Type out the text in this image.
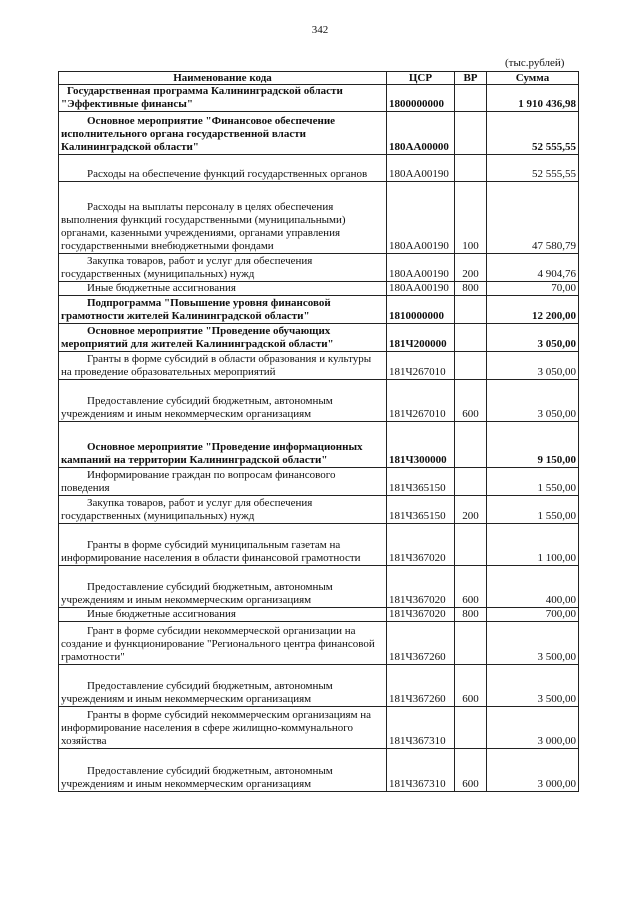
342
(тыс.рублей)
Наименование кода	ЦСР	ВР	Сумма
Государственная программа Калининградской области "Эффективные финансы"	1800000000		1 910 436,98
Основное мероприятие "Финансовое обеспечение исполнительного органа государственной власти Калининградской области"	180АА00000		52 555,55
Расходы на обеспечение функций государственных органов	180АА00190		52 555,55
Расходы на выплаты персоналу в целях обеспечения выполнения функций государственными (муниципальными) органами, казенными учреждениями, органами управления государственными внебюджетными фондами	180АА00190	100	47 580,79
Закупка товаров, работ и услуг для обеспечения государственных (муниципальных) нужд	180АА00190	200	4 904,76
Иные бюджетные ассигнования	180АА00190	800	70,00
Подпрограмма "Повышение уровня финансовой грамотности жителей Калининградской области"	1810000000		12 200,00
Основное мероприятие "Проведение обучающих мероприятий для жителей Калининградской области"	181Ч200000		3 050,00
Гранты в форме субсидий в области образования и культуры на проведение образовательных мероприятий	181Ч267010		3 050,00
Предоставление субсидий бюджетным, автономным учреждениям и иным некоммерческим организациям	181Ч267010	600	3 050,00
Основное мероприятие "Проведение информационных кампаний на территории Калининградской области"	181Ч300000		9 150,00
Информирование граждан по вопросам финансового поведения	181Ч365150		1 550,00
Закупка товаров, работ и услуг для обеспечения государственных (муниципальных) нужд	181Ч365150	200	1 550,00
Гранты в форме субсидий муниципальным газетам на информирование населения в области финансовой грамотности	181Ч367020		1 100,00
Предоставление субсидий бюджетным, автономным учреждениям и иным некоммерческим организациям	181Ч367020	600	400,00
Иные бюджетные ассигнования	181Ч367020	800	700,00
Грант в форме субсидии некоммерческой организации на создание и функционирование "Регионального центра финансовой грамотности"	181Ч367260		3 500,00
Предоставление субсидий бюджетным, автономным учреждениям и иным некоммерческим организациям	181Ч367260	600	3 500,00
Гранты в форме субсидий некоммерческим организациям на информирование населения в сфере жилищно-коммунального хозяйства	181Ч367310		3 000,00
Предоставление субсидий бюджетным, автономным учреждениям и иным некоммерческим организациям	181Ч367310	600	3 000,00
